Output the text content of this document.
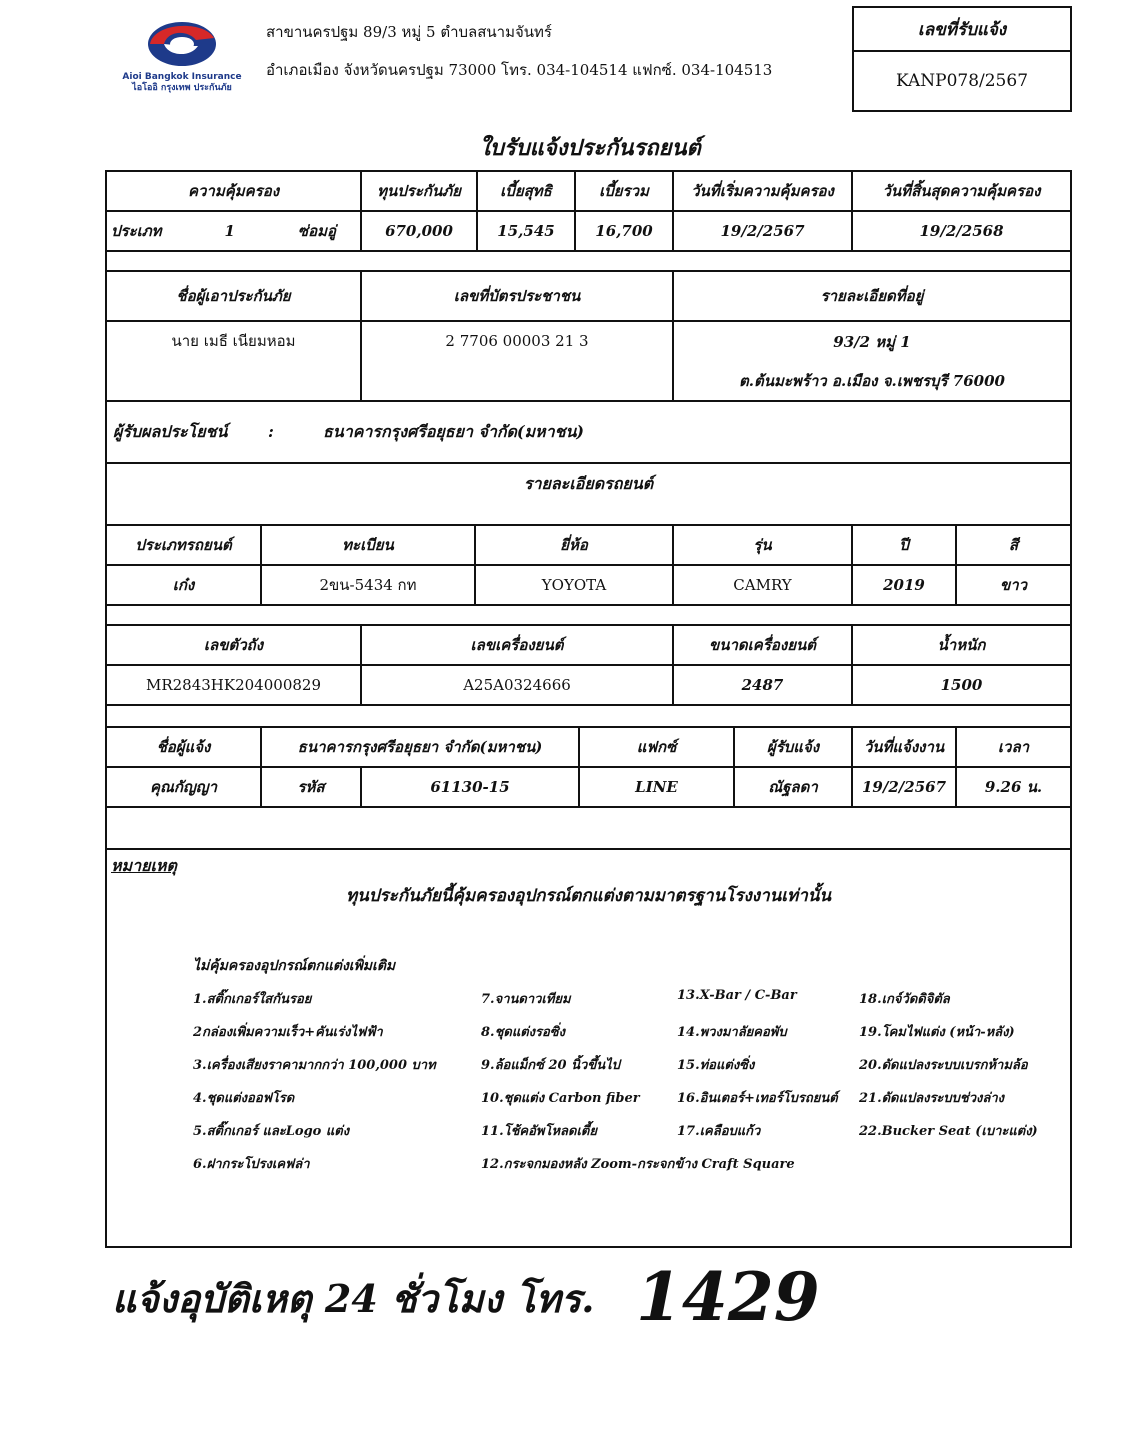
Aioi Bangkok Insurance
ไอโออิ กรุงเทพ ประกันภัย
สาขานครปฐม 89/3 หมู่ 5 ตำบลสนามจันทร์
อำเภอเมือง จังหวัดนครปฐม 73000 โทร. 034-104514 แฟกซ์. 034-104513
เลขที่รับแจ้ง
KANP078/2567
ใบรับแจ้งประกันรถยนต์
ความคุ้มครอง	ทุนประกันภัย	เบี้ยสุทธิ	เบี้ยรวม	วันที่เริ่มความคุ้มครอง	วันที่สิ้นสุดความคุ้มครอง
ประเภท	1	ซ่อมอู่	670,000	15,545	16,700	19/2/2567	19/2/2568
ชื่อผู้เอาประกันภัย	เลขที่บัตรประชาชน	รายละเอียดที่อยู่
นาย เมธี เนียมหอม	2 7706 00003 21 3	93/2 หมู่ 1
ต.ต้นมะพร้าว อ.เมือง จ.เพชรบุรี 76000
ผู้รับผลประโยชน์	:	ธนาคารกรุงศรีอยุธยา จำกัด(มหาชน)
รายละเอียดรถยนต์
ประเภทรถยนต์	ทะเบียน	ยี่ห้อ	รุ่น	ปี	สี
เก๋ง	2ขน-5434 กท	YOYOTA	CAMRY	2019	ขาว
เลขตัวถัง	เลขเครื่องยนต์	ขนาดเครื่องยนต์	น้ำหนัก
MR2843HK204000829	A25A0324666	2487	1500
ชื่อผู้แจ้ง	ธนาคารกรุงศรีอยุธยา จำกัด(มหาชน)	แฟกซ์	ผู้รับแจ้ง	วันที่แจ้งงาน	เวลา
คุณกัญญา	รหัส	61130-15	LINE	ณัฐลดา	19/2/2567	9.26 น.
หมายเหตุ
ทุนประกันภัยนี้คุ้มครองอุปกรณ์ตกแต่งตามมาตรฐานโรงงานเท่านั้น
ไม่คุ้มครองอุปกรณ์ตกแต่งเพิ่มเติม
1.สติ๊กเกอร์ใสกันรอย
2กล่องเพิ่มความเร็ว+คันเร่งไฟฟ้า
3.เครื่องเสียงราคามากกว่า 100,000 บาท
4.ชุดแต่งออฟโรด
5.สติ๊กเกอร์ และLogo แต่ง
6.ฝากระโปรงเคฟล่า
7.จานดาวเทียม
8.ชุดแต่งรอซิ่ง
9.ล้อแม็กซ์ 20 นิ้วขึ้นไป
10.ชุดแต่ง Carbon fiber
11.โช้คอัพโหลดเตี้ย
12.กระจกมองหลัง Zoom-กระจกข้าง Craft Square
13.X-Bar / C-Bar
14.พวงมาลัยคอพับ
15.ท่อแต่งซิ่ง
16.อินเตอร์+เทอร์โบรถยนต์
17.เคลือบแก้ว
18.เกจ์วัดดิจิตัล
19.โคมไฟแต่ง (หน้า-หลัง)
20.ดัดแปลงระบบเบรกห้ามล้อ
21.ดัดแปลงระบบช่วงล่าง
22.Bucker Seat (เบาะแต่ง)
แจ้งอุบัติเหตุ 24 ชั่วโมง โทร. 1429
